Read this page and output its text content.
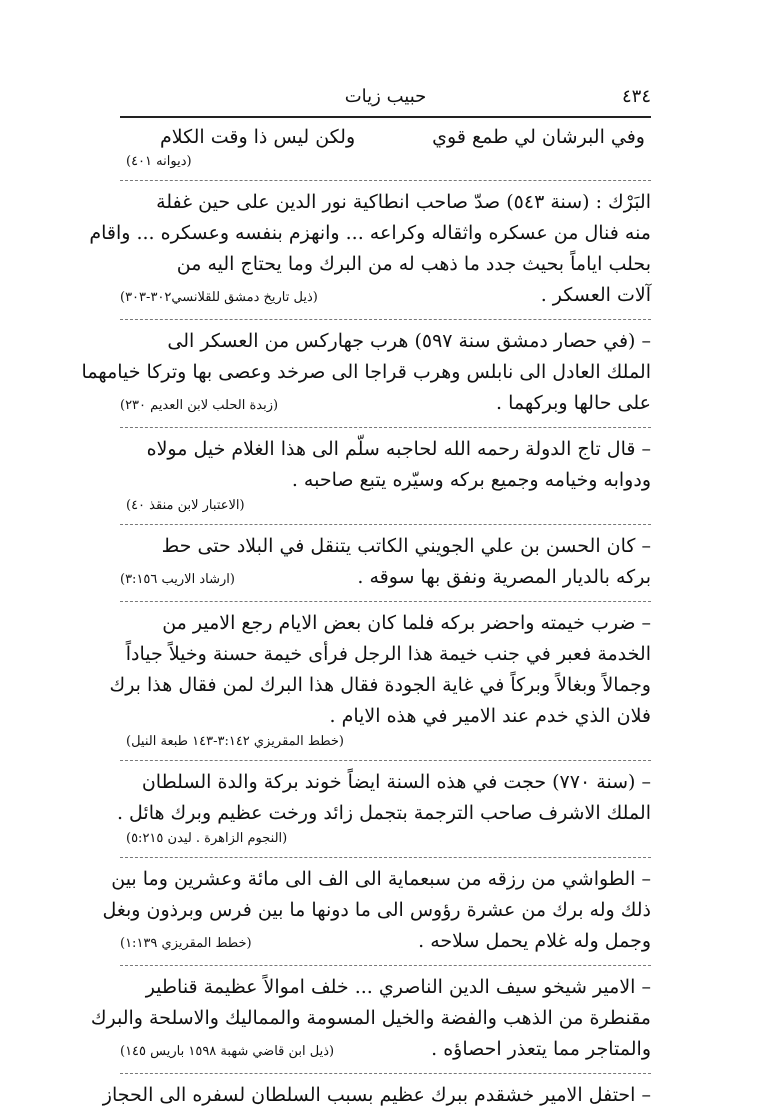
٤٣٤
حبيب زيات
وفي البرشان لي طمع قوي
ولكن ليس ذا وقت الكلام
(ديوانه ٤٠١)
البَرْك : (سنة ٥٤٣) صدّ صاحب انطاكية نور الدين على حين غفلة
منه فنال من عسكره واثقاله وكراعه ... وانهزم بنفسه وعسكره ... واقام
بحلب اياماً بحيث جدد ما ذهب له من البرك وما يحتاج اليه من
آلات العسكر .
(ذيل تاريخ دمشق للقلانسي٣٠٢-٣٠٣)
– (في حصار دمشق سنة ٥٩٧) هرب جهاركس من العسكر الى
الملك العادل الى نابلس وهرب قراجا الى صرخد وعصى بها وتركا خيامهما
على حالها وبركهما .
(زبدة الحلب لابن العديم ٢٣٠)
– قال تاج الدولة رحمه الله لحاجبه سلّم الى هذا الغلام خيل مولاه
ودوابه وخيامه وجميع بركه وسيّره يتبع صاحبه .
(الاعتبار لابن منقذ ٤٠)
– كان الحسن بن علي الجويني الكاتب يتنقل في البلاد حتى حط
بركه بالديار المصرية ونفق بها سوقه .
(ارشاد الاريب ٣:١٥٦)
– ضرب خيمته واحضر بركه فلما كان بعض الايام رجع الامير من
الخدمة فعبر في جنب خيمة هذا الرجل فرأى خيمة حسنة وخيلاً جياداً
وجمالاً وبغالاً وبركاً في غاية الجودة فقال هذا البرك لمن فقال هذا برك
فلان الذي خدم عند الامير في هذه الايام .
(خطط المقريزي ٣:١٤٢-١٤٣ طبعة النيل)
– (سنة ٧٧٠) حجت في هذه السنة ايضاً خوند بركة والدة السلطان
الملك الاشرف صاحب الترجمة بتجمل زائد ورخت عظيم وبرك هائل .
(النجوم الزاهرة . ليدن ٥:٢١٥)
– الطواشي من رزقه من سبعماية الى الف الى مائة وعشرين وما بين
ذلك وله برك من عشرة رؤوس الى ما دونها ما بين فرس وبرذون وبغل
وجمل وله غلام يحمل سلاحه .
(خطط المقريزي ١:١٣٩)
– الامير شيخو سيف الدين الناصري ... خلف اموالاً عظيمة قناطير
مقنطرة من الذهب والفضة والخيل المسومة والمماليك والاسلحة والبرك
والمتاجر مما يتعذر احصاؤه .
(ذيل ابن قاضي شهبة ١٥٩٨ باريس ١٤٥)
– احتفل الامير خشقدم ببرك عظيم بسبب السلطان لسفره الى الحجاز
